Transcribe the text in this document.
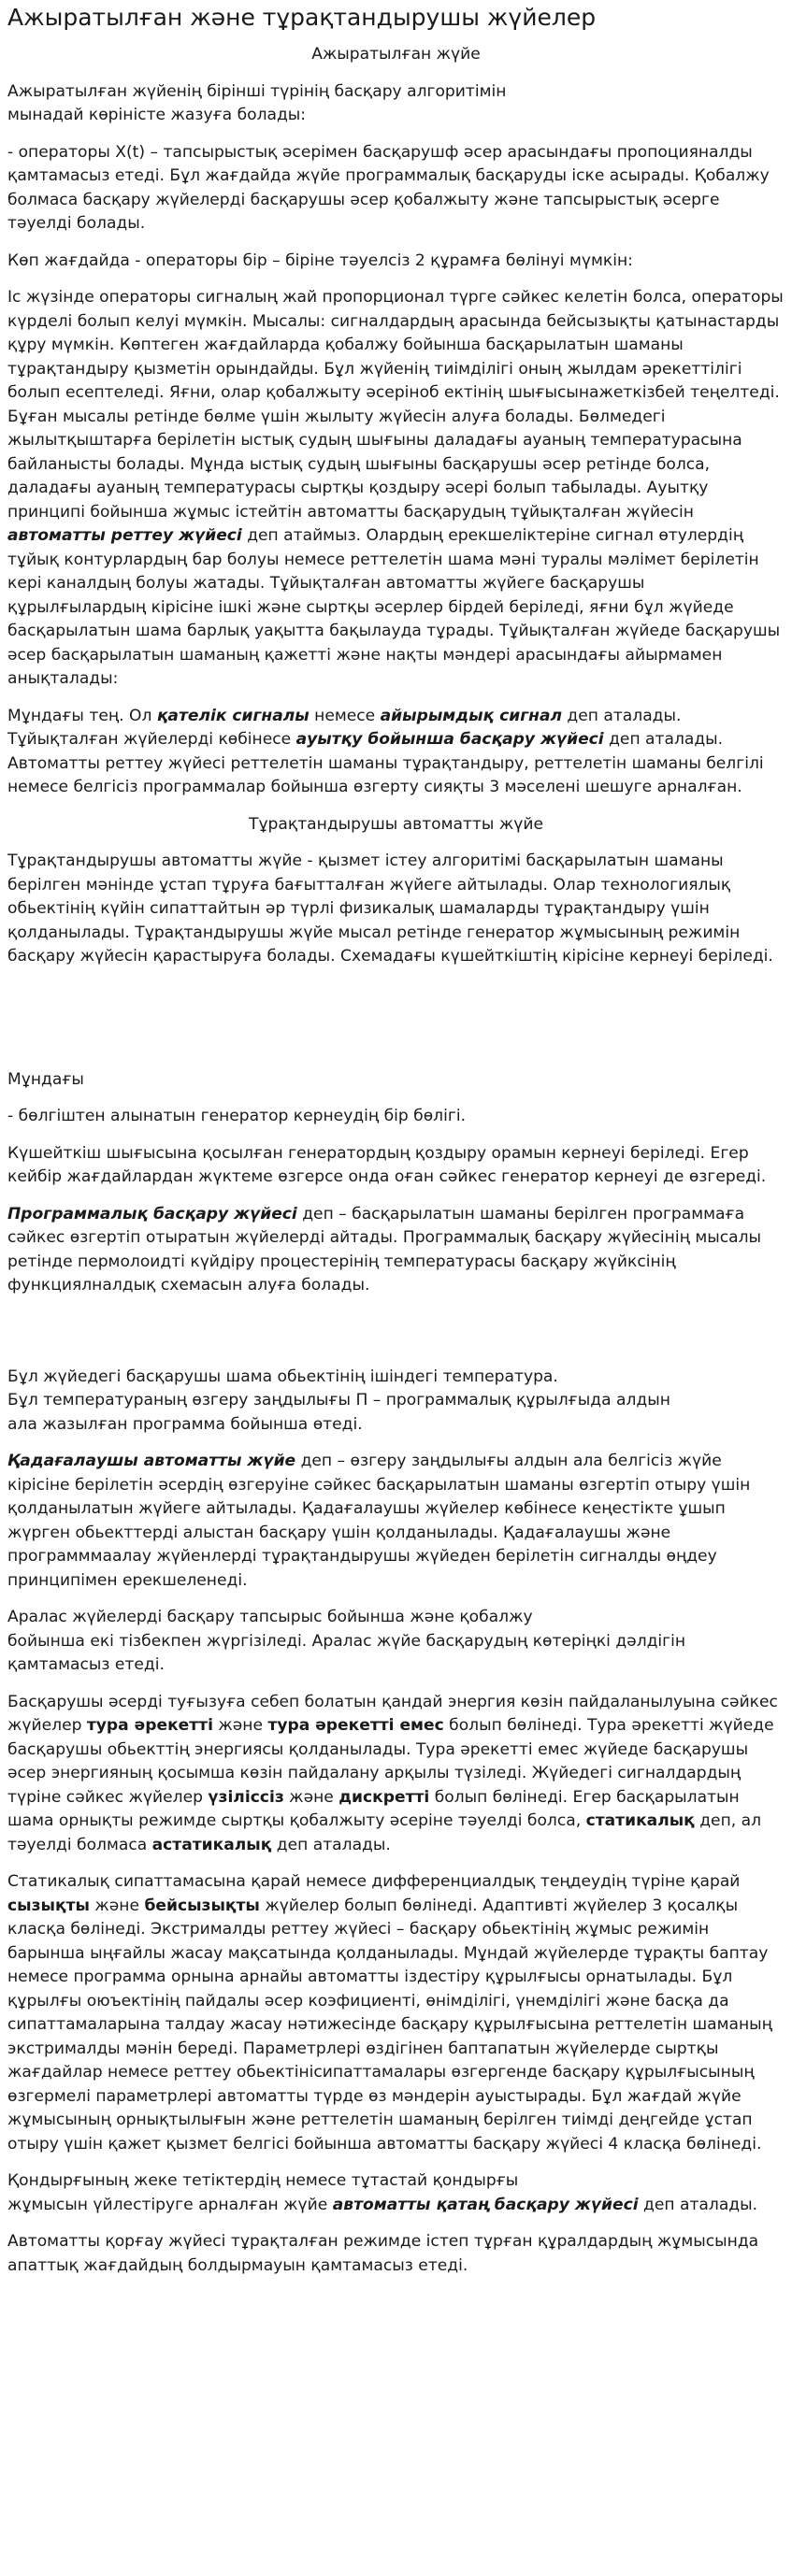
Ажыратылған және тұрақтандырушы жүйелер
Ажыратылған жүйе

Ажыратылған жүйенің бірінші түрінің басқару алгоритімін
мынадай көріністе жазуға болады:

- операторы X(t) – тапсырыстық әсерімен басқарушф әсер арасындағы пропоцияналды қамтамасыз етеді. Бұл жағдайда жүйе программалық басқаруды іске асырады. Қобалжу болмаса басқару жүйелерді басқарушы әсер қобалжыту және тапсырыстық әсерге тәуелді болады.

Көп жағдайда - операторы бір – біріне тәуелсіз 2 құрамға бөлінуі мүмкін:

Іс жүзінде операторы сигналың жай пропорционал түрге сәйкес келетін болса, операторы күрделі болып келуі мүмкін. Мысалы: сигналдардың арасында бейсызықты қатынастарды құру мүмкін. Көптеген жағдайларда қобалжу бойынша басқарылатын шаманы тұрақтандыру қызметін орындайды. Бұл жүйенің тиімділігі оның жылдам әрекеттілігі болып есептеледі. Яғни, олар қобалжыту әсеріноб ектінің шығысынажеткізбей теңелтеді. Бұған мысалы ретінде бөлме үшін жылыту жүйесін алуға болады. Бөлмедегі жылытқыштарға берілетін ыстық судың шығыны даладағы ауаның температурасына байланысты болады. Мұнда ыстық судың шығыны басқарушы әсер ретінде болса, даладағы ауаның температурасы сыртқы қоздыру әсері болып табылады. Ауытқу принципі бойынша жұмыс істейтін автоматты басқарудың тұйықталған жүйесін автоматты реттеу жүйесі деп атаймыз. Олардың ерекшеліктеріне сигнал өтулердің тұйық контурлардың бар болуы немесе реттелетін шама мәні туралы мәлімет берілетін кері каналдың болуы жатады. Тұйықталған автоматты жүйеге басқарушы құрылғылардың кірісіне ішкі және сыртқы әсерлер бірдей беріледі, яғни бұл жүйеде басқарылатын шама барлық уақытта бақылауда тұрады. Тұйықталған жүйеде басқарушы әсер басқарылатын шаманың қажетті және нақты мәндері арасындағы айырмамен анықталады:

Мұндағы тең. Ол қателік сигналы немесе айырымдық сигнал деп аталады. Тұйықталған жүйелерді көбінесе ауытқу бойынша басқару жүйесі деп аталады. Автоматты реттеу жүйесі реттелетін шаманы тұрақтандыру, реттелетін шаманы белгілі немесе белгісіз программалар бойынша өзгерту сияқты 3 мәселені шешуге арналған.

Тұрақтандырушы автоматты жүйе

Тұрақтандырушы автоматты жүйе - қызмет істеу алгоритімі басқарылатын шаманы берілген мәнінде ұстап тұруға бағытталған жүйеге айтылады. Олар технологиялық обьектінің күйін сипаттайтын әр түрлі физикалық шамаларды тұрақтандыру үшін қолданылады. Тұрақтандырушы жүйе мысал ретінде генератор жұмысының режимін басқару жүйесін қарастыруға болады. Схемадағы күшейткіштің кірісіне кернеуі беріледі.

Мұндағы

- бөлгіштен алынатын генератор кернеудің бір бөлігі.

Күшейткіш шығысына қосылған генератордың қоздыру орамын кернеуі беріледі. Егер кейбір жағдайлардан жүктеме өзгерсе онда оған сәйкес генератор кернеуі де өзгереді.

Программалық басқару жүйесі деп – басқарылатын шаманы берілген программаға сәйкес өзгертіп отыратын жүйелерді айтады. Программалық басқару жүйесінің мысалы ретінде пермолоидті күйдіру процестерінің температурасы басқару жүйксінің функциялналдық схемасын алуға болады.

Бұл жүйедегі басқарушы шама обьектінің ішіндегі температура.
Бұл температураның өзгеру заңдылығы П – программалық құрылғыда алдын
ала жазылған программа бойынша өтеді.

Қадағалаушы автоматты жүйе деп – өзгеру заңдылығы алдын ала белгісіз жүйе кірісіне берілетін әсердің өзгеруіне сәйкес басқарылатын шаманы өзгертіп отыру үшін қолданылатын жүйеге айтылады. Қадағалаушы жүйелер көбінесе кеңестікте ұшып жүрген обьекттерді алыстан басқару үшін қолданылады. Қадағалаушы және программмаалау жүйенлерді тұрақтандырушы жүйеден берілетін сигналды өңдеу принципімен ерекшеленеді.

Аралас жүйелерді басқару тапсырыс бойынша және қобалжу
бойынша екі тізбекпен жүргізіледі. Аралас жүйе басқарудың көтеріңкі дәлдігін қамтамасыз етеді.

Басқарушы әсерді туғызуға себеп болатын қандай энергия көзін пайдаланылуына сәйкес жүйелер тура әрекетті және тура әрекетті емес болып бөлінеді. Тура әрекетті жүйеде басқарушы обьекттің энергиясы қолданылады. Тура әрекетті емес жүйеде басқарушы әсер энергияның қосымша көзін пайдалану арқылы түзіледі. Жүйедегі сигналдардың түріне сәйкес жүйелер үзіліссіз және дискретті болып бөлінеді. Егер басқарылатын шама орнықты режимде сыртқы қобалжыту әсеріне тәуелді болса, статикалық деп, ал тәуелді болмаса астатикалық деп аталады.

Статикалық сипаттамасына қарай немесе дифференциалдық теңдеудің түріне қарай сызықты және бейсызықты жүйелер болып бөлінеді. Адаптивті жүйелер 3 қосалқы класқа бөлінеді. Экстрималды реттеу жүйесі – басқару обьектінің жұмыс режимін барынша ыңғайлы жасау мақсатында қолданылады. Мұндай жүйелерде тұрақты баптау немесе программа орнына арнайы автоматты іздестіру құрылғысы орнатылады. Бұл құрылғы оюъектінің пайдалы әсер коэфициенті, өнімділігі, үнемділігі және басқа да сипаттамаларына талдау жасау нәтижесінде басқару құрылғысына реттелетін шаманың экстрималды мәнін береді. Параметрлері өздігінен баптапатын жүйелерде сыртқы жағдайлар немесе реттеу обьектінісипаттамалары өзгергенде басқару құрылғысының өзгермелі параметрлері автоматты түрде өз мәндерін ауыстырады. Бұл жағдай жүйе жұмысының орнықтылығын және реттелетін шаманың берілген тиімді деңгейде ұстап отыру үшін қажет қызмет белгісі бойынша автоматты басқару жүйесі 4 класқа бөлінеді.

Қондырғының жеке тетіктердің немесе тұтастай қондырғы
жұмысын үйлестіруге арналған жүйе автоматты қатаң басқару жүйесі деп аталады.

Автоматты қорғау жүйесі тұрақталған режимде істеп тұрған құралдардың жұмысында апаттық жағдайдың болдырмауын қамтамасыз етеді.
